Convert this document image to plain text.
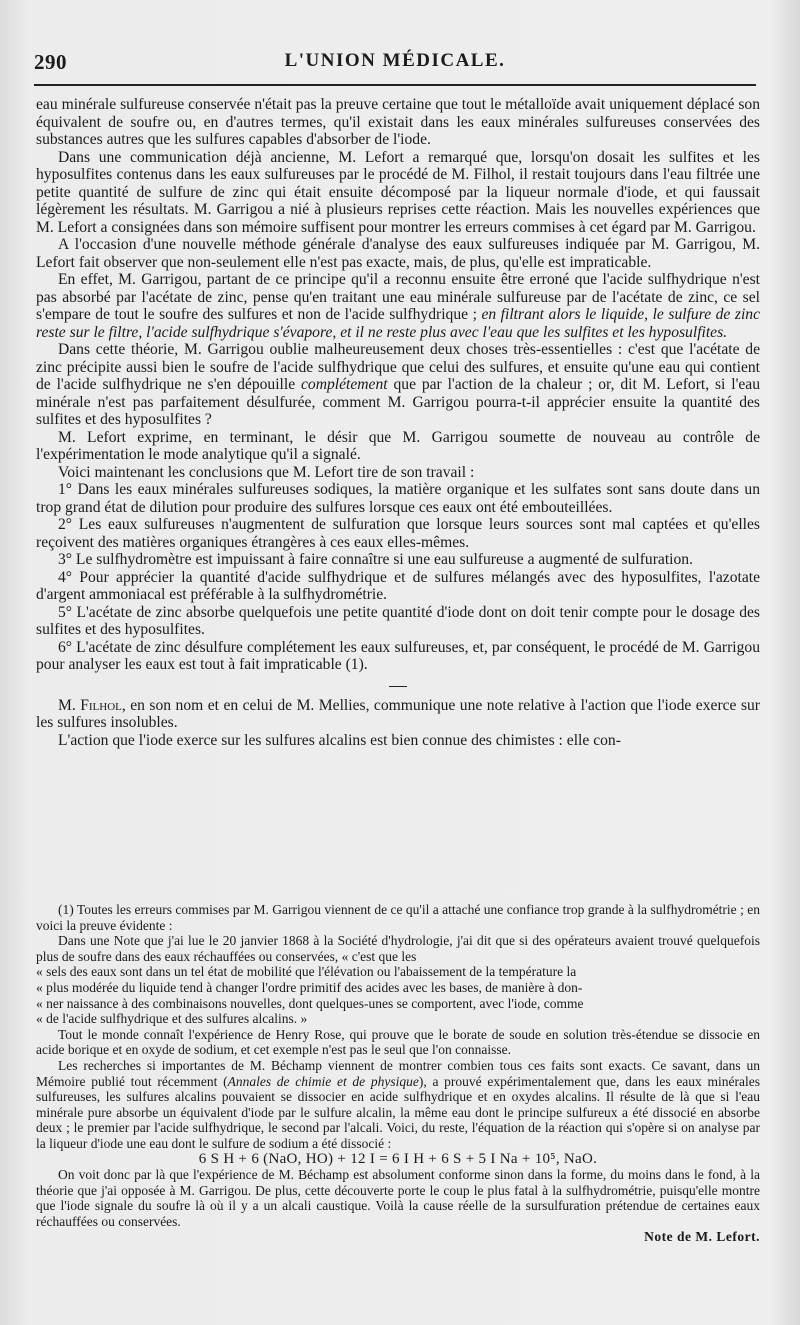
290	L'UNION MÉDICALE.

eau minérale sulfureuse conservée n'était pas la preuve certaine que tout le métalloïde avait uniquement déplacé son équivalent de soufre ou, en d'autres termes, qu'il existait dans les eaux minérales sulfureuses conservées des substances autres que les sulfures capables d'absorber de l'iode.

Dans une communication déjà ancienne, M. Lefort a remarqué que, lorsqu'on dosait les sulfites et les hyposulfites contenus dans les eaux sulfureuses par le procédé de M. Filhol, il restait toujours dans l'eau filtrée une petite quantité de sulfure de zinc qui était ensuite décomposé par la liqueur normale d'iode, et qui faussait légèrement les résultats. M. Garrigou a nié à plusieurs reprises cette réaction. Mais les nouvelles expériences que M. Lefort a consignées dans son mémoire suffisent pour montrer les erreurs commises à cet égard par M. Garrigou.

A l'occasion d'une nouvelle méthode générale d'analyse des eaux sulfureuses indiquée par M. Garrigou, M. Lefort fait observer que non-seulement elle n'est pas exacte, mais, de plus, qu'elle est impraticable.

En effet, M. Garrigou, partant de ce principe qu'il a reconnu ensuite être erroné que l'acide sulfhydrique n'est pas absorbé par l'acétate de zinc, pense qu'en traitant une eau minérale sulfureuse par de l'acétate de zinc, ce sel s'empare de tout le soufre des sulfures et non de l'acide sulfhydrique ; en filtrant alors le liquide, le sulfure de zinc reste sur le filtre, l'acide sulfhydrique s'évapore, et il ne reste plus avec l'eau que les sulfites et les hyposulfites.

Dans cette théorie, M. Garrigou oublie malheureusement deux choses très-essentielles : c'est que l'acétate de zinc précipite aussi bien le soufre de l'acide sulfhydrique que celui des sulfures, et ensuite qu'une eau qui contient de l'acide sulfhydrique ne s'en dépouille complétement que par l'action de la chaleur ; or, dit M. Lefort, si l'eau minérale n'est pas parfaitement désulfurée, comment M. Garrigou pourra-t-il apprécier ensuite la quantité des sulfites et des hyposulfites ?

M. Lefort exprime, en terminant, le désir que M. Garrigou soumette de nouveau au contrôle de l'expérimentation le mode analytique qu'il a signalé.

Voici maintenant les conclusions que M. Lefort tire de son travail :

1° Dans les eaux minérales sulfureuses sodiques, la matière organique et les sulfates sont sans doute dans un trop grand état de dilution pour produire des sulfures lorsque ces eaux ont été embouteillées.

2° Les eaux sulfureuses n'augmentent de sulfuration que lorsque leurs sources sont mal captées et qu'elles reçoivent des matières organiques étrangères à ces eaux elles-mêmes.

3° Le sulfhydromètre est impuissant à faire connaître si une eau sulfureuse a augmenté de sulfuration.

4° Pour apprécier la quantité d'acide sulfhydrique et de sulfures mélangés avec des hyposulfites, l'azotate d'argent ammoniacal est préférable à la sulfhydrométrie.

5° L'acétate de zinc absorbe quelquefois une petite quantité d'iode dont on doit tenir compte pour le dosage des sulfites et des hyposulfites.

6° L'acétate de zinc désulfure complétement les eaux sulfureuses, et, par conséquent, le procédé de M. Garrigou pour analyser les eaux est tout à fait impraticable (1).

M. Filhol, en son nom et en celui de M. Mellies, communique une note relative à l'action que l'iode exerce sur les sulfures insolubles.

L'action que l'iode exerce sur les sulfures alcalins est bien connue des chimistes : elle con-

(1) Toutes les erreurs commises par M. Garrigou viennent de ce qu'il a attaché une confiance trop grande à la sulfhydrométrie ; en voici la preuve évidente :

Dans une Note que j'ai lue le 20 janvier 1868 à la Société d'hydrologie, j'ai dit que si des opérateurs avaient trouvé quelquefois plus de soufre dans des eaux réchauffées ou conservées, « c'est que les

« sels des eaux sont dans un tel état de mobilité que l'élévation ou l'abaissement de la température la

« plus modérée du liquide tend à changer l'ordre primitif des acides avec les bases, de manière à don-

« ner naissance à des combinaisons nouvelles, dont quelques-unes se comportent, avec l'iode, comme

« de l'acide sulfhydrique et des sulfures alcalins. »

Tout le monde connaît l'expérience de Henry Rose, qui prouve que le borate de soude en solution très-étendue se dissocie en acide borique et en oxyde de sodium, et cet exemple n'est pas le seul que l'on connaisse.

Les recherches si importantes de M. Béchamp viennent de montrer combien tous ces faits sont exacts. Ce savant, dans un Mémoire publié tout récemment (Annales de chimie et de physique), a prouvé expérimentalement que, dans les eaux minérales sulfureuses, les sulfures alcalins pouvaient se dissocier en acide sulfhydrique et en oxydes alcalins. Il résulte de là que si l'eau minérale pure absorbe un équivalent d'iode par le sulfure alcalin, la même eau dont le principe sulfureux a été dissocié en absorbe deux ; le premier par l'acide sulfhydrique, le second par l'alcali. Voici, du reste, l'équation de la réaction qui s'opère si on analyse par la liqueur d'iode une eau dont le sulfure de sodium a été dissocié :

6 S H + 6 (NaO, HO) + 12 I = 6 I H + 6 S + 5 I Na + 10⁵, NaO.

On voit donc par là que l'expérience de M. Béchamp est absolument conforme sinon dans la forme, du moins dans le fond, à la théorie que j'ai opposée à M. Garrigou. De plus, cette découverte porte le coup le plus fatal à la sulfhydrométrie, puisqu'elle montre que l'iode signale du soufre là où il y a un alcali caustique. Voilà la cause réelle de la sursulfuration prétendue de certaines eaux réchauffées ou conservées.

Note de M. Lefort.
